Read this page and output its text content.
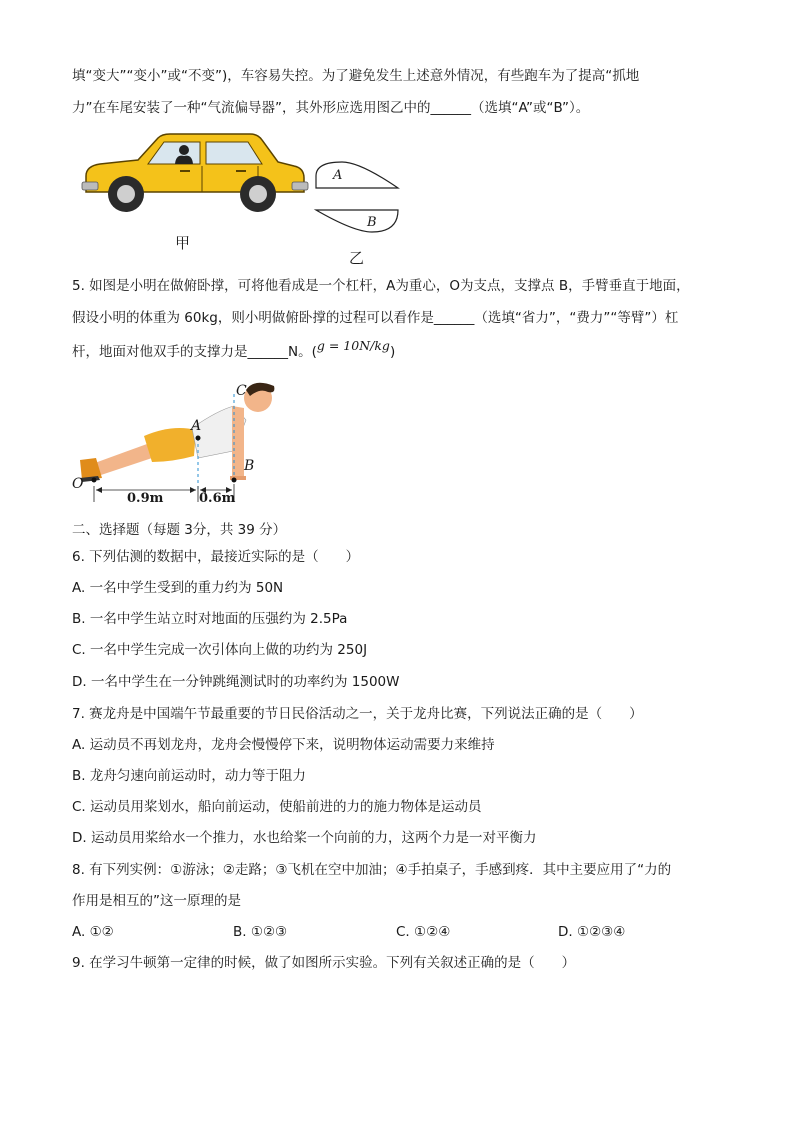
填“变大”“变小”或“不变”)，车容易失控。为了避免发生上述意外情况，有些跑车为了提高“抓地
力”在车尾安装了一种“气流偏导器”，其外形应选用图乙中的______（选填“A”或“B”）。
甲
A
B
乙
5. 如图是小明在做俯卧撑，可将他看成是一个杠杆，A为重心，O为支点，支撑点 B，手臂垂直于地面，
假设小明的体重为 60kg，则小明做俯卧撑的过程可以看作是______（选填“省力”，“费力”“等臂”）杠
杆，地面对他双手的支撑力是______N。(g = 10N/kg)
C
A
B
O
0.9m	0.6m
二、选择题（每题 3分，共 39 分）
6. 下列估测的数据中，最接近实际的是（　　）
A. 一名中学生受到的重力约为 50N
B. 一名中学生站立时对地面的压强约为 2.5Pa
C. 一名中学生完成一次引体向上做的功约为 250J
D. 一名中学生在一分钟跳绳测试时的功率约为 1500W
7. 赛龙舟是中国端午节最重要的节日民俗活动之一，关于龙舟比赛，下列说法正确的是（　　）
A. 运动员不再划龙舟，龙舟会慢慢停下来，说明物体运动需要力来维持
B. 龙舟匀速向前运动时，动力等于阻力
C. 运动员用桨划水，船向前运动，使船前进的力的施力物体是运动员
D. 运动员用桨给水一个推力，水也给桨一个向前的力，这两个力是一对平衡力
8. 有下列实例：①游泳；②走路；③飞机在空中加油；④手拍桌子，手感到疼．其中主要应用了“力的
作用是相互的”这一原理的是
A. ①②	B. ①②③	C. ①②④	D. ①②③④
9. 在学习牛顿第一定律的时候，做了如图所示实验。下列有关叙述正确的是（　　）
